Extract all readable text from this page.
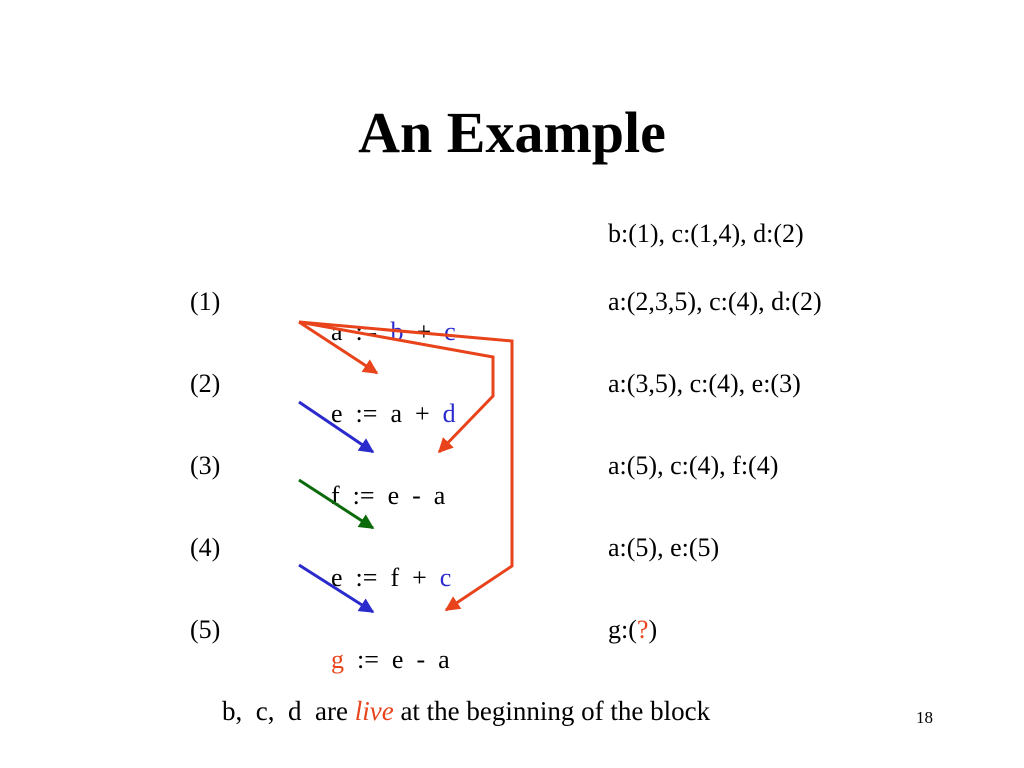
An Example
b:(1), c:(1,4), d:(2)
(1)

a  :=  b  +  c

a:(2,3,5), c:(4), d:(2)
(2)

e  :=  a  +  d

a:(3,5), c:(4), e:(3)
(3)

f  :=  e  -  a

a:(5), c:(4), f:(4)
(4)

e  :=  f  +  c

a:(5), e:(5)
(5)

g  :=  e  -  a

g:(?)
b,  c,  d  are live at the beginning of the block	18
